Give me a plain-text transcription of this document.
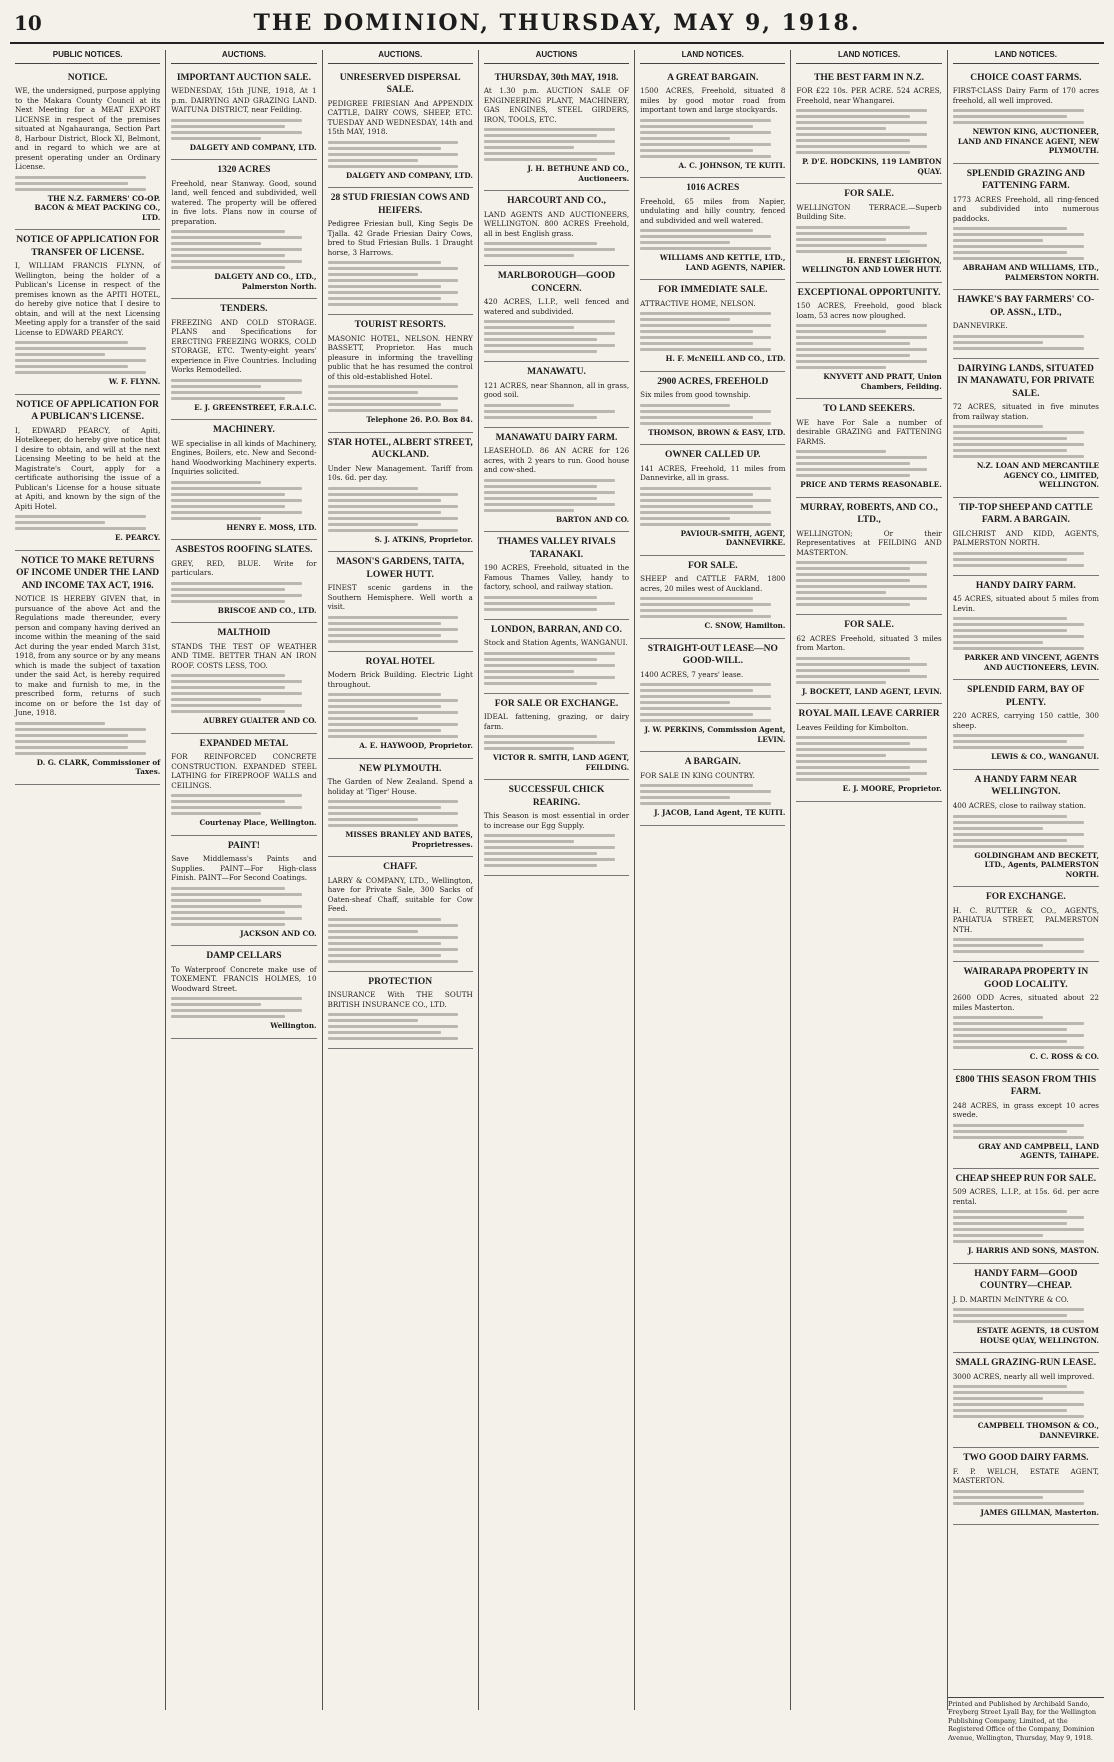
10	THE DOMINION, THURSDAY, MAY 9, 1918.
PUBLIC NOTICES.
NOTICE.

WE, the undersigned, purpose applying to the Makara County Council at its Next Meeting for a MEAT EXPORT LICENSE in respect of the premises situated at Ngahauranga, Section Part 8, Harbour District, Block XI, Belmont, and in regard to which we are at present operating under an Ordinary License.

THE N.Z. FARMERS' CO-OP. BACON & MEAT PACKING CO., LTD.

NOTICE OF APPLICATION FOR TRANSFER OF LICENSE.

I, WILLIAM FRANCIS FLYNN, of Wellington, being the holder of a Publican's License in respect of the premises known as the APITI HOTEL, do hereby give notice that I desire to obtain, and will at the next Licensing Meeting apply for a transfer of the said License to EDWARD PEARCY.

W. F. FLYNN.

NOTICE OF APPLICATION FOR A PUBLICAN'S LICENSE.

I, EDWARD PEARCY, of Apiti, Hotelkeeper, do hereby give notice that I desire to obtain, and will at the next Licensing Meeting to be held at the Magistrate's Court, apply for a certificate authorising the issue of a Publican's License for a house situate at Apiti, and known by the sign of the Apiti Hotel.

E. PEARCY.

NOTICE TO MAKE RETURNS OF INCOME UNDER THE LAND AND INCOME TAX ACT, 1916.

NOTICE IS HEREBY GIVEN that, in pursuance of the above Act and the Regulations made thereunder, every person and company having derived an income within the meaning of the said Act during the year ended March 31st, 1918, from any source or by any means which is made the subject of taxation under the said Act, is hereby required to make and furnish to me, in the prescribed form, returns of such income on or before the 1st day of June, 1918.

D. G. CLARK, Commissioner of Taxes.

AUCTIONS.
IMPORTANT AUCTION SALE.

WEDNESDAY, 15th JUNE, 1918, At 1 p.m. DAIRYING AND GRAZING LAND. WAITUNA DISTRICT, near Feilding.

DALGETY AND COMPANY, LTD.

1320 ACRES

Freehold, near Stanway. Good, sound land, well fenced and subdivided, well watered. The property will be offered in five lots. Plans now in course of preparation.

DALGETY AND CO., LTD., Palmerston North.

TENDERS.

FREEZING AND COLD STORAGE. PLANS and Specifications for ERECTING FREEZING WORKS, COLD STORAGE, ETC. Twenty-eight years' experience in Five Countries. Including Works Remodelled.

E. J. GREENSTREET, F.R.A.I.C.

MACHINERY.

WE specialise in all kinds of Machinery, Engines, Boilers, etc. New and Second-hand Woodworking Machinery experts. Inquiries solicited.

HENRY E. MOSS, LTD.

ASBESTOS ROOFING SLATES.

GREY, RED, BLUE. Write for particulars.

BRISCOE AND CO., LTD.

MALTHOID

STANDS THE TEST OF WEATHER AND TIME. BETTER THAN AN IRON ROOF. COSTS LESS, TOO.

AUBREY GUALTER AND CO.

EXPANDED METAL

FOR REINFORCED CONCRETE CONSTRUCTION. EXPANDED STEEL LATHING for FIREPROOF WALLS and CEILINGS.

Courtenay Place, Wellington.

PAINT!

Save Middlemass's Paints and Supplies. PAINT—For High-class Finish. PAINT—For Second Coatings.

JACKSON AND CO.

DAMP CELLARS

To Waterproof Concrete make use of TOXEMENT. FRANCIS HOLMES, 10 Woodward Street.

Wellington.

AUCTIONS.
UNRESERVED DISPERSAL SALE.

PEDIGREE FRIESIAN And APPENDIX CATTLE, DAIRY COWS, SHEEP, ETC. TUESDAY AND WEDNESDAY, 14th and 15th MAY, 1918.

DALGETY AND COMPANY, LTD.

28 STUD FRIESIAN COWS AND HEIFERS.

Pedigree Friesian bull, King Segis De Tjalla. 42 Grade Friesian Dairy Cows, bred to Stud Friesian Bulls. 1 Draught horse, 3 Harrows.

TOURIST RESORTS.

MASONIC HOTEL, NELSON. HENRY BASSETT, Proprietor. Has much pleasure in informing the travelling public that he has resumed the control of this old-established Hotel.

Telephone 26. P.O. Box 84.

STAR HOTEL, ALBERT STREET, AUCKLAND.

Under New Management. Tariff from 10s. 6d. per day.

S. J. ATKINS, Proprietor.

MASON'S GARDENS, TAITA, LOWER HUTT.

FINEST scenic gardens in the Southern Hemisphere. Well worth a visit.

ROYAL HOTEL

Modern Brick Building. Electric Light throughout.

A. E. HAYWOOD, Proprietor.

NEW PLYMOUTH.

The Garden of New Zealand. Spend a holiday at 'Tiger' House.

MISSES BRANLEY AND BATES, Proprietresses.

CHAFF.

LARRY & COMPANY, LTD., Wellington, have for Private Sale, 300 Sacks of Oaten-sheaf Chaff, suitable for Cow Feed.

PROTECTION

INSURANCE With THE SOUTH BRITISH INSURANCE CO., LTD.

AUCTIONS
THURSDAY, 30th MAY, 1918.

At 1.30 p.m. AUCTION SALE OF ENGINEERING PLANT, MACHINERY, GAS ENGINES, STEEL GIRDERS, IRON, TOOLS, ETC.

J. H. BETHUNE AND CO., Auctioneers.

HARCOURT AND CO.,

LAND AGENTS AND AUCTIONEERS, WELLINGTON. 800 ACRES Freehold, all in best English grass.

MARLBOROUGH—GOOD CONCERN.

420 ACRES, L.I.P., well fenced and watered and subdivided.

MANAWATU.

121 ACRES, near Shannon, all in grass, good soil.

MANAWATU DAIRY FARM.

LEASEHOLD. 86 AN ACRE for 126 acres, with 2 years to run. Good house and cow-shed.

BARTON AND CO.

THAMES VALLEY RIVALS TARANAKI.

190 ACRES, Freehold, situated in the Famous Thames Valley, handy to factory, school, and railway station.

LONDON, BARRAN, AND CO.

Stock and Station Agents, WANGANUI.

FOR SALE OR EXCHANGE.

IDEAL fattening, grazing, or dairy farm.

VICTOR R. SMITH, LAND AGENT, FEILDING.

SUCCESSFUL CHICK REARING.

This Season is most essential in order to increase our Egg Supply.

LAND NOTICES.
A GREAT BARGAIN.

1500 ACRES, Freehold, situated 8 miles by good motor road from important town and large stockyards.

A. C. JOHNSON, TE KUITI.

1016 ACRES

Freehold, 65 miles from Napier, undulating and hilly country, fenced and subdivided and well watered.

WILLIAMS AND KETTLE, LTD., LAND AGENTS, NAPIER.

FOR IMMEDIATE SALE.

ATTRACTIVE HOME, NELSON.

H. F. McNEILL AND CO., LTD.

2900 ACRES, FREEHOLD

Six miles from good township.

THOMSON, BROWN & EASY, LTD.

OWNER CALLED UP.

141 ACRES, Freehold, 11 miles from Dannevirke, all in grass.

PAVIOUR-SMITH, AGENT, DANNEVIRKE.

FOR SALE.

SHEEP and CATTLE FARM, 1800 acres, 20 miles west of Auckland.

C. SNOW, Hamilton.

STRAIGHT-OUT LEASE—NO GOOD-WILL.

1400 ACRES, 7 years' lease.

J. W. PERKINS, Commission Agent, LEVIN.

A BARGAIN.

FOR SALE IN KING COUNTRY.

J. JACOB, Land Agent, TE KUITI.

LAND NOTICES.
THE BEST FARM IN N.Z.

FOR £22 10s. PER ACRE. 524 ACRES, Freehold, near Whangarei.

P. D'E. HODCKINS, 119 LAMBTON QUAY.

FOR SALE.

WELLINGTON TERRACE.—Superb Building Site.

H. ERNEST LEIGHTON, WELLINGTON AND LOWER HUTT.

EXCEPTIONAL OPPORTUNITY.

150 ACRES, Freehold, good black loam, 53 acres now ploughed.

KNYVETT AND PRATT, Union Chambers, Feilding.

TO LAND SEEKERS.

WE have For Sale a number of desirable GRAZING and FATTENING FARMS.

PRICE AND TERMS REASONABLE.

MURRAY, ROBERTS, AND CO., LTD.,

WELLINGTON; Or their Representatives at FEILDING AND MASTERTON.

FOR SALE.

62 ACRES Freehold, situated 3 miles from Marton.

J. BOCKETT, LAND AGENT, LEVIN.

ROYAL MAIL LEAVE CARRIER

Leaves Feilding for Kimbolton.

E. J. MOORE, Proprietor.

LAND NOTICES.
CHOICE COAST FARMS.

FIRST-CLASS Dairy Farm of 170 acres freehold, all well improved.

NEWTON KING, AUCTIONEER, LAND AND FINANCE AGENT, NEW PLYMOUTH.

SPLENDID GRAZING AND FATTENING FARM.

1773 ACRES Freehold, all ring-fenced and subdivided into numerous paddocks.

ABRAHAM AND WILLIAMS, LTD., PALMERSTON NORTH.

HAWKE'S BAY FARMERS' CO-OP. ASSN., LTD.,

DANNEVIRKE.

DAIRYING LANDS, SITUATED IN MANAWATU, FOR PRIVATE SALE.

72 ACRES, situated in five minutes from railway station.

N.Z. LOAN AND MERCANTILE AGENCY CO., LIMITED, WELLINGTON.

TIP-TOP SHEEP AND CATTLE FARM. A BARGAIN.

GILCHRIST AND KIDD, AGENTS, PALMERSTON NORTH.

HANDY DAIRY FARM.

45 ACRES, situated about 5 miles from Levin.

PARKER AND VINCENT, AGENTS AND AUCTIONEERS, LEVIN.

SPLENDID FARM, BAY OF PLENTY.

220 ACRES, carrying 150 cattle, 300 sheep.

LEWIS & CO., WANGANUI.

A HANDY FARM NEAR WELLINGTON.

400 ACRES, close to railway station.

GOLDINGHAM AND BECKETT, LTD., Agents, PALMERSTON NORTH.

FOR EXCHANGE.

H. C. RUTTER & CO., AGENTS, PAHIATUA STREET, PALMERSTON NTH.

WAIRARAPA PROPERTY IN GOOD LOCALITY.

2600 ODD Acres, situated about 22 miles Masterton.

C. C. ROSS & CO.

£800 THIS SEASON FROM THIS FARM.

248 ACRES, in grass except 10 acres swede.

GRAY AND CAMPBELL, LAND AGENTS, TAIHAPE.

CHEAP SHEEP RUN FOR SALE.

509 ACRES, L.I.P., at 15s. 6d. per acre rental.

J. HARRIS AND SONS, MASTON.

HANDY FARM—GOOD COUNTRY—CHEAP.

J. D. MARTIN McINTYRE & CO.

ESTATE AGENTS, 18 CUSTOM HOUSE QUAY, WELLINGTON.

SMALL GRAZING-RUN LEASE.

3000 ACRES, nearly all well improved.

CAMPBELL THOMSON & CO., DANNEVIRKE.

TWO GOOD DAIRY FARMS.

F. P. WELCH, ESTATE AGENT, MASTERTON.

JAMES GILLMAN, Masterton.

Printed and Published by Archibald Sando, Freyberg Street Lyall Bay, for the Wellington Publishing Company, Limited, at the Registered Office of the Company, Dominion Avenue, Wellington, Thursday, May 9, 1918.
